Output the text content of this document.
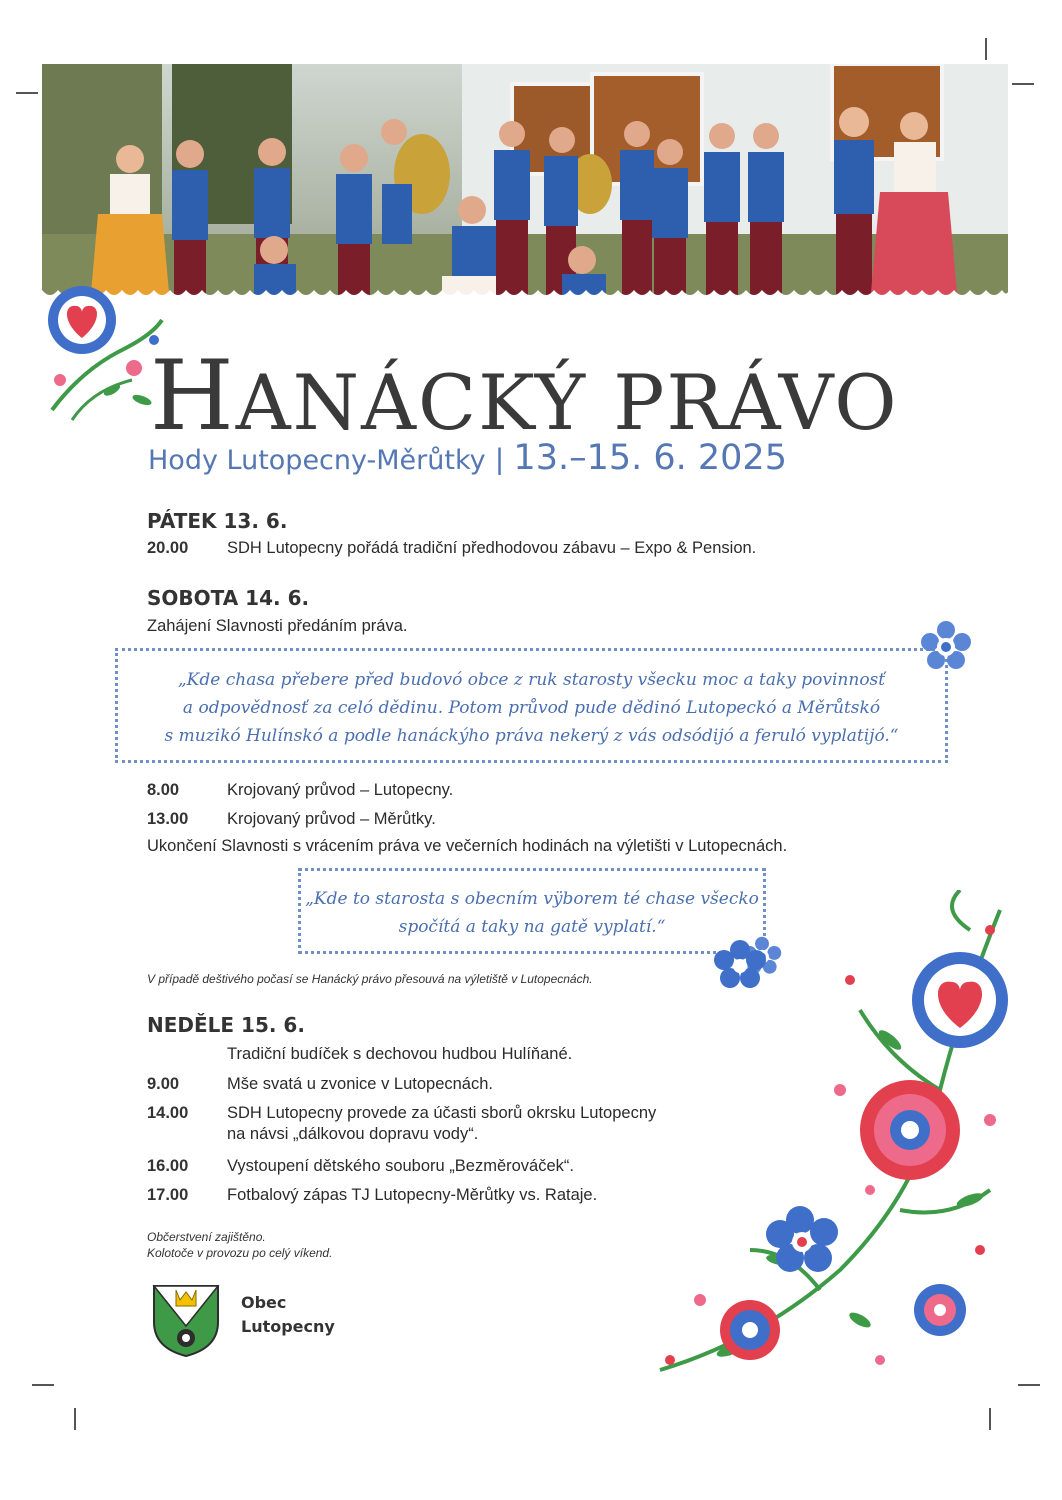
HANÁCKÝ PRÁVO
Hody Lutopecny-Měrůtky | 13.–15. 6. 2025
PÁTEK 13. 6.
20.00 SDH Lutopecny pořádá tradiční předhodovou zábavu – Expo & Pension.
SOBOTA 14. 6.
Zahájení Slavnosti předáním práva.
„Kde chasa přebere před budovó obce z ruk starosty všecku moc a taky povinnosť
a odpovědnosť za celó dědinu. Potom průvod pude dědinó Lutopeckó a Měrůtskó
s muzikó Hulínskó a podle hanáckýho práva nekerý z vás odsódijó a feruló vyplatijó.“
8.00	Krojovaný průvod – Lutopecny.
13.00 Krojovaný průvod – Měrůtky.
Ukončení Slavnosti s vrácením práva ve večerních hodinách na výletišti v Lutopecnách.
„Kde to starosta s obecním vÿborem té chase všecko
spočítá a taky na gatě vyplatí.“
V případě deštivého počasí se Hanácký právo přesouvá na výletiště v Lutopecnách.
NEDĚLE 15. 6.
Tradiční budíček s dechovou hudbou Hulíňané.
9.00	Mše svatá u zvonice v Lutopecnách.
14.00 SDH Lutopecny provede za účasti sborů okrsku Lutopecny
na návsi „dálkovou dopravu vody“.
16.00 Vystoupení dětského souboru „Bezměrováček“.
17.00 Fotbalový zápas TJ Lutopecny-Měrůtky vs. Rataje.
Občerstvení zajištěno.
Kolotoče v provozu po celý víkend.
Obec
Lutopecny
